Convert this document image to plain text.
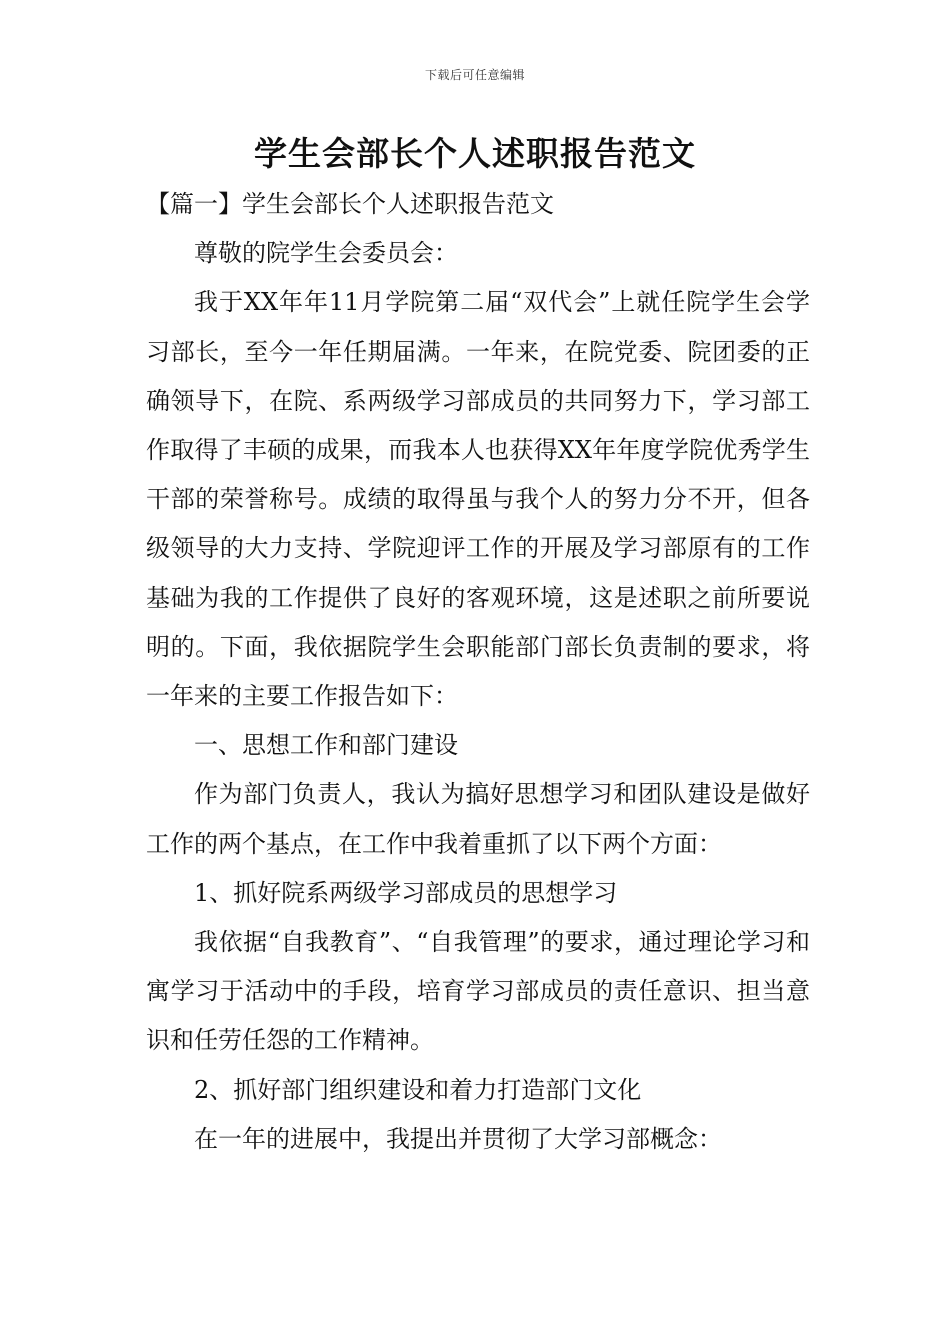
下载后可任意编辑
学生会部长个人述职报告范文

【篇一】学生会部长个人述职报告范文

尊敬的院学生会委员会：

我于XX年年11月学院第二届“双代会”上就任院学生会学习部长，至今一年任期届满。一年来，在院党委、院团委的正确领导下，在院、系两级学习部成员的共同努力下，学习部工作取得了丰硕的成果，而我本人也获得XX年年度学院优秀学生干部的荣誉称号。成绩的取得虽与我个人的努力分不开，但各级领导的大力支持、学院迎评工作的开展及学习部原有的工作基础为我的工作提供了良好的客观环境，这是述职之前所要说明的。下面，我依据院学生会职能部门部长负责制的要求，将一年来的主要工作报告如下：

一、思想工作和部门建设

作为部门负责人，我认为搞好思想学习和团队建设是做好工作的两个基点，在工作中我着重抓了以下两个方面：

1、抓好院系两级学习部成员的思想学习

我依据“自我教育”、“自我管理”的要求，通过理论学习和寓学习于活动中的手段，培育学习部成员的责任意识、担当意识和任劳任怨的工作精神。

2、抓好部门组织建设和着力打造部门文化

在一年的进展中，我提出并贯彻了大学习部概念：
